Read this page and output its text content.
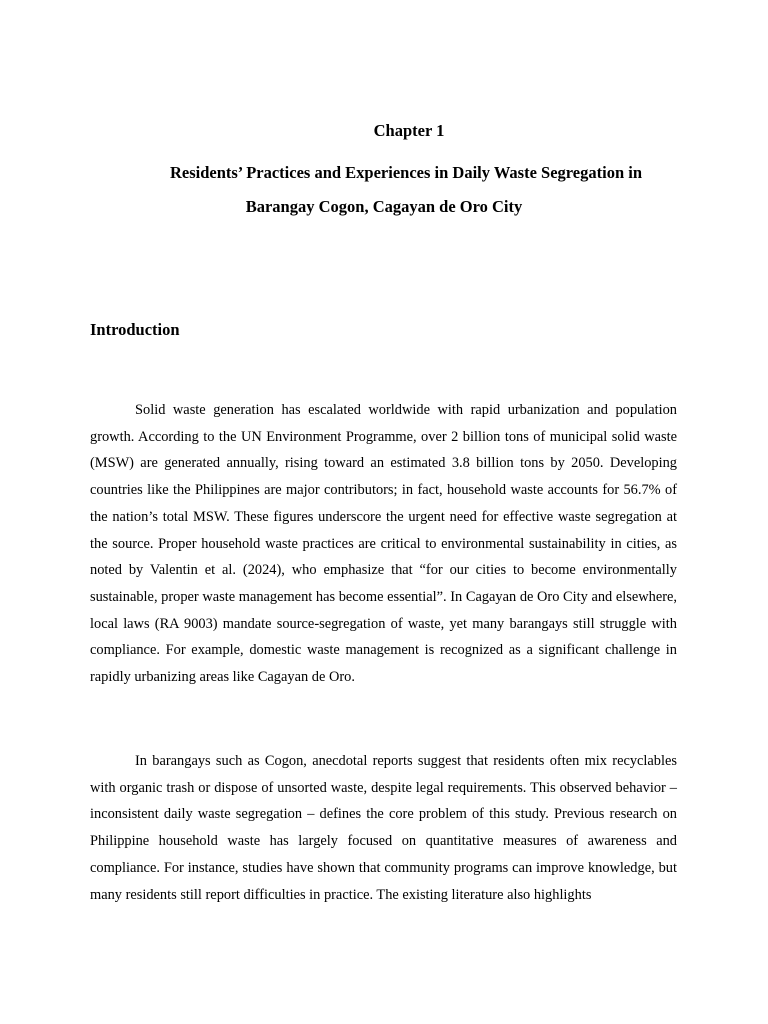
Chapter 1
Residents’ Practices and Experiences in Daily Waste Segregation in
Barangay Cogon, Cagayan de Oro City
Introduction

Solid waste generation has escalated worldwide with rapid urbanization and population growth. According to the UN Environment Programme, over 2 billion tons of municipal solid waste (MSW) are generated annually, rising toward an estimated 3.8 billion tons by 2050. Developing countries like the Philippines are major contributors; in fact, household waste accounts for 56.7% of the nation’s total MSW. These figures underscore the urgent need for effective waste segregation at the source. Proper household waste practices are critical to environmental sustainability in cities, as noted by Valentin et al. (2024), who emphasize that “for our cities to become environmentally sustainable, proper waste management has become essential”. In Cagayan de Oro City and elsewhere, local laws (RA 9003) mandate source-segregation of waste, yet many barangays still struggle with compliance. For example, domestic waste management is recognized as a significant challenge in rapidly urbanizing areas like Cagayan de Oro.

In barangays such as Cogon, anecdotal reports suggest that residents often mix recyclables with organic trash or dispose of unsorted waste, despite legal requirements. This observed behavior – inconsistent daily waste segregation – defines the core problem of this study. Previous research on Philippine household waste has largely focused on quantitative measures of awareness and compliance. For instance, studies have shown that community programs can improve knowledge, but many residents still report difficulties in practice. The existing literature also highlights
